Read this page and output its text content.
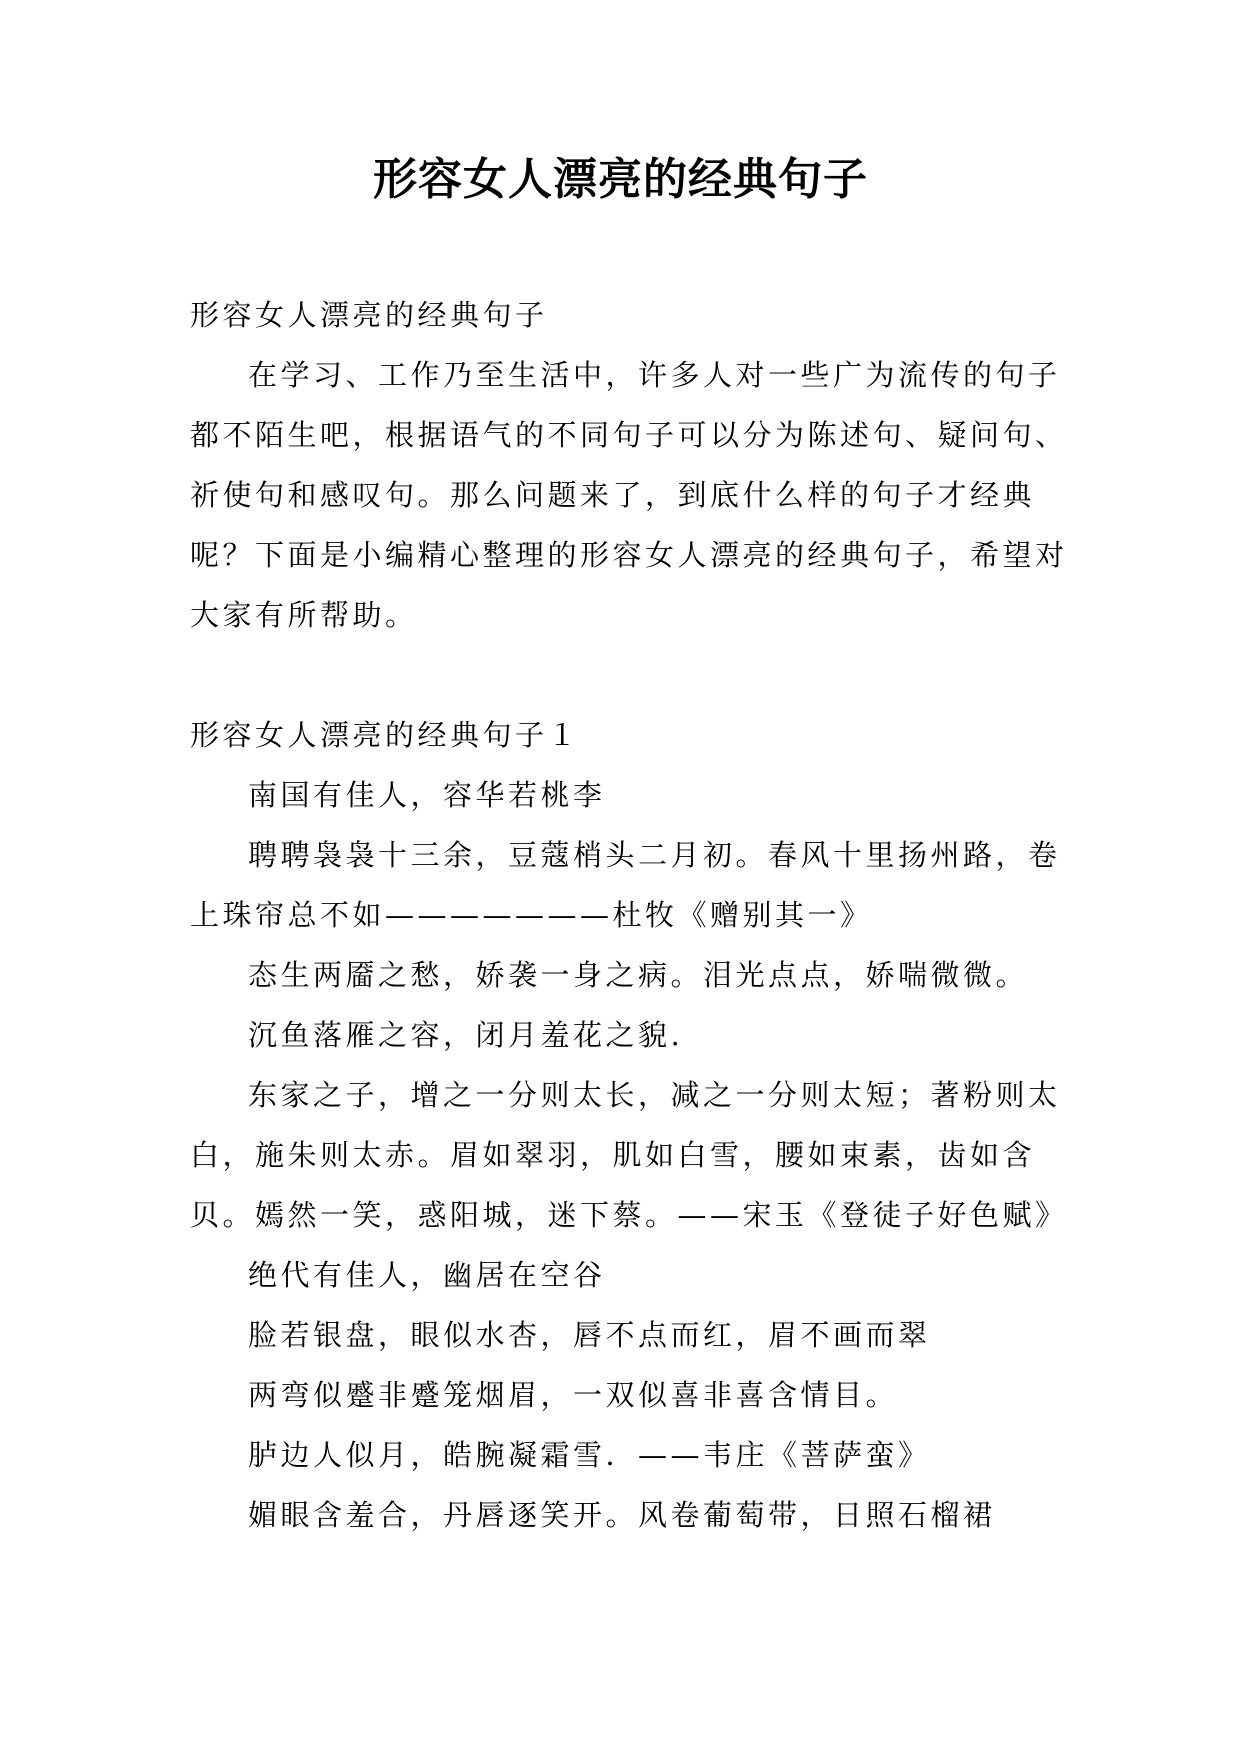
形容女人漂亮的经典句子

形容女人漂亮的经典句子

在学习、工作乃至生活中，许多人对一些广为流传的句子都不陌生吧，根据语气的不同句子可以分为陈述句、疑问句、祈使句和感叹句。那么问题来了，到底什么样的句子才经典呢？下面是小编精心整理的形容女人漂亮的经典句子，希望对大家有所帮助。

形容女人漂亮的经典句子１

南国有佳人，容华若桃李

聘聘袅袅十三余，豆蔻梢头二月初。春风十里扬州路，卷上珠帘总不如———————杜牧《赠别其一》

态生两靥之愁，娇袭一身之病。泪光点点，娇喘微微。

沉鱼落雁之容，闭月羞花之貌.

东家之子，增之一分则太长，减之一分则太短；著粉则太白，施朱则太赤。眉如翠羽，肌如白雪，腰如束素，齿如含贝。嫣然一笑，惑阳城，迷下蔡。——宋玉《登徒子好色赋》

绝代有佳人，幽居在空谷

脸若银盘，眼似水杏，唇不点而红，眉不画而翠

两弯似蹙非蹙笼烟眉，一双似喜非喜含情目。

胪边人似月，皓腕凝霜雪．——韦庄《菩萨蛮》

媚眼含羞合，丹唇逐笑开。风卷葡萄带，日照石榴裙
